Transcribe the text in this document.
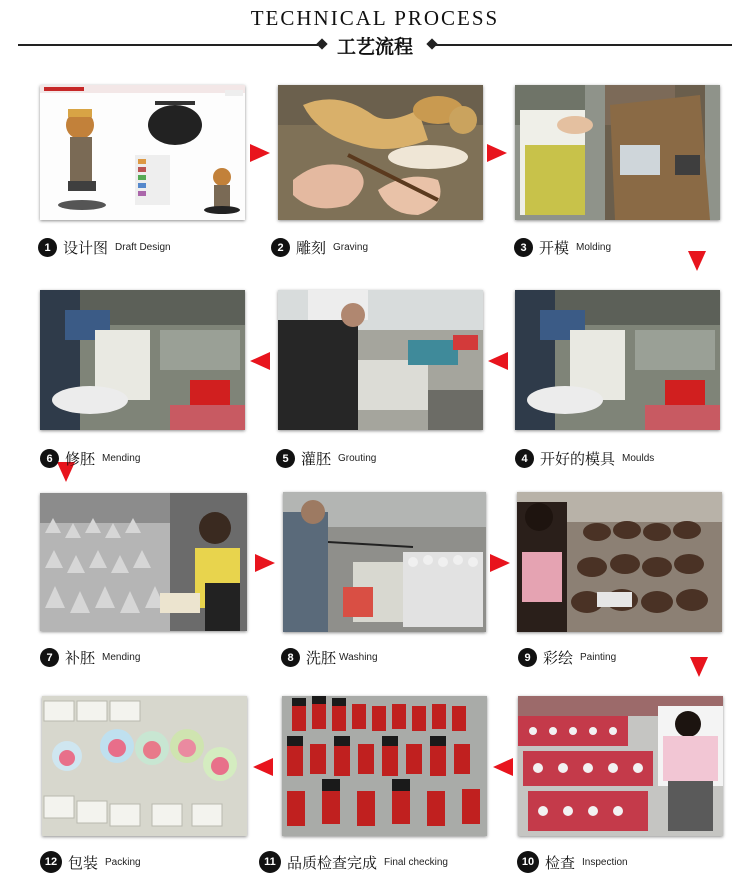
TECHNICAL PROCESS
工艺流程
1 设计图 Draft Design	2 雕刻 Graving	3 开模 Molding
6 修胚 Mending	5 灌胚 Grouting	4 开好的模具 Moulds
7 补胚 Mending	8 洗胚 Washing	9 彩绘 Painting
12 包装 Packing	11 品质检查完成 Final checking	10 检查 Inspection
